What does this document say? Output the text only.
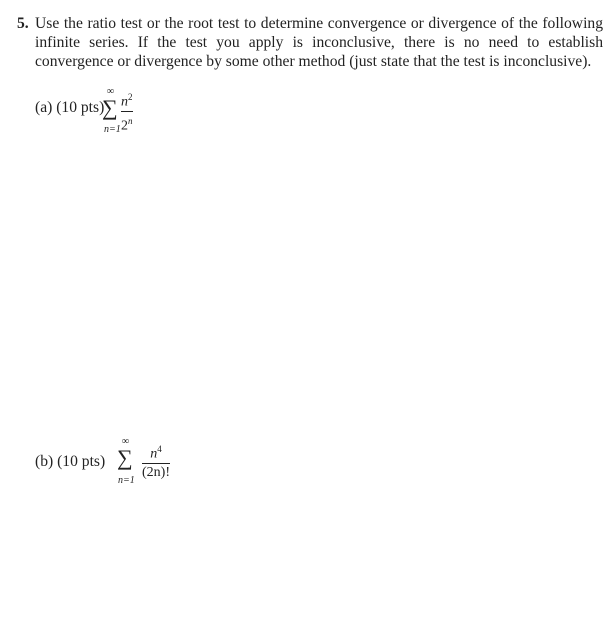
5. Use the ratio test or the root test to determine convergence or divergence of the following infinite series. If the test you apply is inconclusive, there is no need to establish convergence or divergence by some other method (just state that the test is inconclusive).
(a) (10 pts)
∞
∑
n=1
$n^2$
2$^n$
(b) (10 pts)
∞
∑
n=1
$n^4$
(2n)!
